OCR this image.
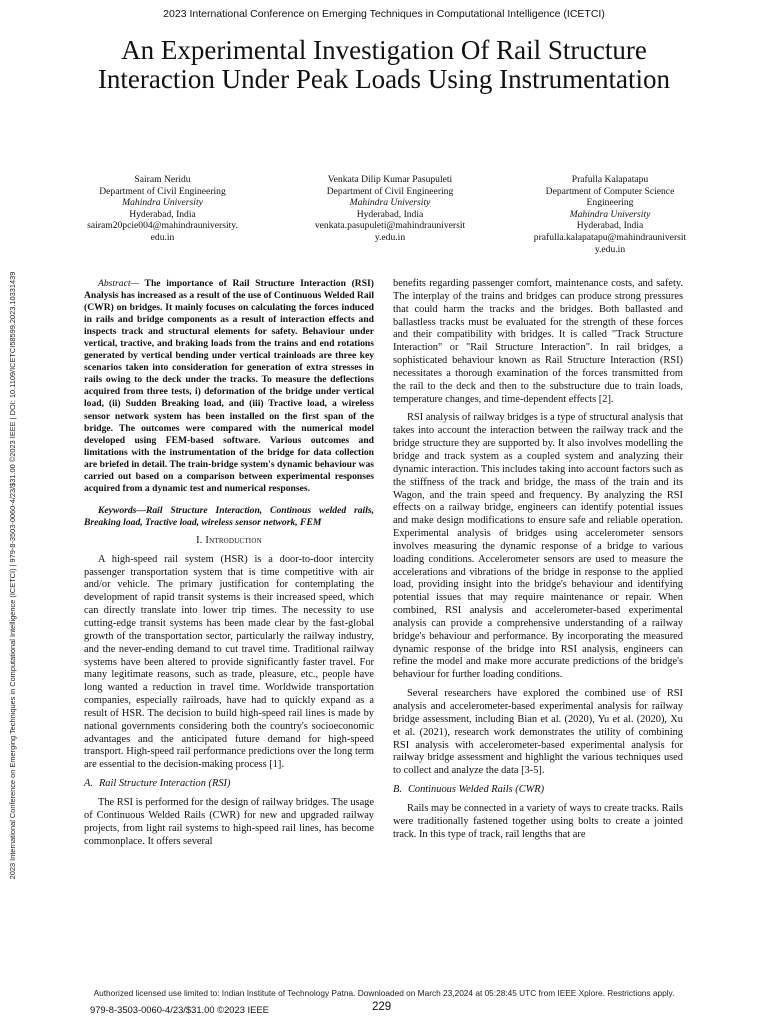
2023 International Conference on Emerging Techniques in Computational Intelligence (ICETCI)
An Experimental Investigation Of Rail Structure Interaction Under Peak Loads Using Instrumentation
2023 International Conference on Emerging Techniques in Computational Intelligence (ICETCI) | 979-8-3503-0060-4/23/$31.00 ©2023 IEEE | DOI: 10.1109/ICETCI58599.2023.10331439
Sairam Neridu
Department of Civil Engineering
Mahindra University
Hyderabad, India
sairam20pcie004@mahindrauniversity.
edu.in
Venkata Dilip Kumar Pasupuleti
Department of Civil Engineering
Mahindra University
Hyderabad, India
venkata.pasupuleti@mahindrauniversit
y.edu.in
Prafulla Kalapatapu
Department of Computer Science
Engineering
Mahindra University
Hyderabad, India
prafulla.kalapatapu@mahindrauniversit
y.edu.in

Abstract— The importance of Rail Structure Interaction (RSI) Analysis has increased as a result of the use of Continuous Welded Rail (CWR) on bridges. It mainly focuses on calculating the forces induced in rails and bridge components as a result of interaction effects and inspects track and structural elements for safety. Behaviour under vertical, tractive, and braking loads from the trains and end rotations generated by vertical bending under vertical trainloads are three key scenarios taken into consideration for generation of extra stresses in rails owing to the deck under the tracks. To measure the deflections acquired from three tests, i) deformation of the bridge under vertical load, (ii) Sudden Breaking load, and (iii) Tractive load, a wireless sensor network system has been installed on the first span of the bridge. The outcomes were compared with the numerical model developed using FEM-based software. Various outcomes and limitations with the instrumentation of the bridge for data collection are briefed in detail. The train-bridge system's dynamic behaviour was carried out based on a comparison between experimental responses acquired from a dynamic test and numerical responses.

Keywords—Rail Structure Interaction, Continous welded rails, Breaking load, Tractive load, wireless sensor network, FEM

I. Introduction

A high-speed rail system (HSR) is a door-to-door intercity passenger transportation system that is time competitive with air and/or vehicle. The primary justification for contemplating the development of rapid transit systems is their increased speed, which can directly translate into lower trip times. The necessity to use cutting-edge transit systems has been made clear by the fast-global growth of the transportation sector, particularly the railway industry, and the never-ending demand to cut travel time. Traditional railway systems have been altered to provide significantly faster travel. For many legitimate reasons, such as trade, pleasure, etc., people have long wanted a reduction in travel time. Worldwide transportation companies, especially railroads, have had to quickly expand as a result of HSR. The decision to build high-speed rail lines is made by national governments considering both the country's socioeconomic advantages and the anticipated future demand for high-speed transport. High-speed rail performance predictions over the long term are essential to the decision-making process [1].

A. Rail Structure Interaction (RSI)

The RSI is performed for the design of railway bridges. The usage of Continuous Welded Rails (CWR) for new and upgraded railway projects, from light rail systems to high-speed rail lines, has become commonplace. It offers several

benefits regarding passenger comfort, maintenance costs, and safety. The interplay of the trains and bridges can produce strong pressures that could harm the tracks and the bridges. Both ballasted and ballastless tracks must be evaluated for the strength of these forces and their compatibility with bridges. It is called "Track Structure Interaction" or "Rail Structure Interaction". In rail bridges, a sophisticated behaviour known as Rail Structure Interaction (RSI) necessitates a thorough examination of the forces transmitted from the rail to the deck and then to the substructure due to train loads, temperature changes, and time-dependent effects [2].

RSI analysis of railway bridges is a type of structural analysis that takes into account the interaction between the railway track and the bridge structure they are supported by. It also involves modelling the bridge and track system as a coupled system and analyzing their dynamic interaction. This includes taking into account factors such as the stiffness of the track and bridge, the mass of the train and its Wagon, and the train speed and frequency. By analyzing the RSI effects on a railway bridge, engineers can identify potential issues and make design modifications to ensure safe and reliable operation. Experimental analysis of bridges using accelerometer sensors involves measuring the dynamic response of a bridge to various loading conditions. Accelerometer sensors are used to measure the accelerations and vibrations of the bridge in response to the applied load, providing insight into the bridge's behaviour and identifying potential issues that may require maintenance or repair. When combined, RSI analysis and accelerometer-based experimental analysis can provide a comprehensive understanding of a railway bridge's behaviour and performance. By incorporating the measured dynamic response of the bridge into RSI analysis, engineers can refine the model and make more accurate predictions of the bridge's behaviour for further loading conditions.

Several researchers have explored the combined use of RSI analysis and accelerometer-based experimental analysis for railway bridge assessment, including Bian et al. (2020), Yu et al. (2020), Xu et al. (2021), research work demonstrates the utility of combining RSI analysis with accelerometer-based experimental analysis for railway bridge assessment and highlight the various techniques used to collect and analyze the data [3-5].

B. Continuous Welded Rails (CWR)

Rails may be connected in a variety of ways to create tracks. Rails were traditionally fastened together using bolts to create a jointed track. In this type of track, rail lengths that are

Authorized licensed use limited to: Indian Institute of Technology Patna. Downloaded on March 23,2024 at 05:28:45 UTC from IEEE Xplore. Restrictions apply.
979-8-3503-0060-4/23/$31.00 ©2023 IEEE	229
